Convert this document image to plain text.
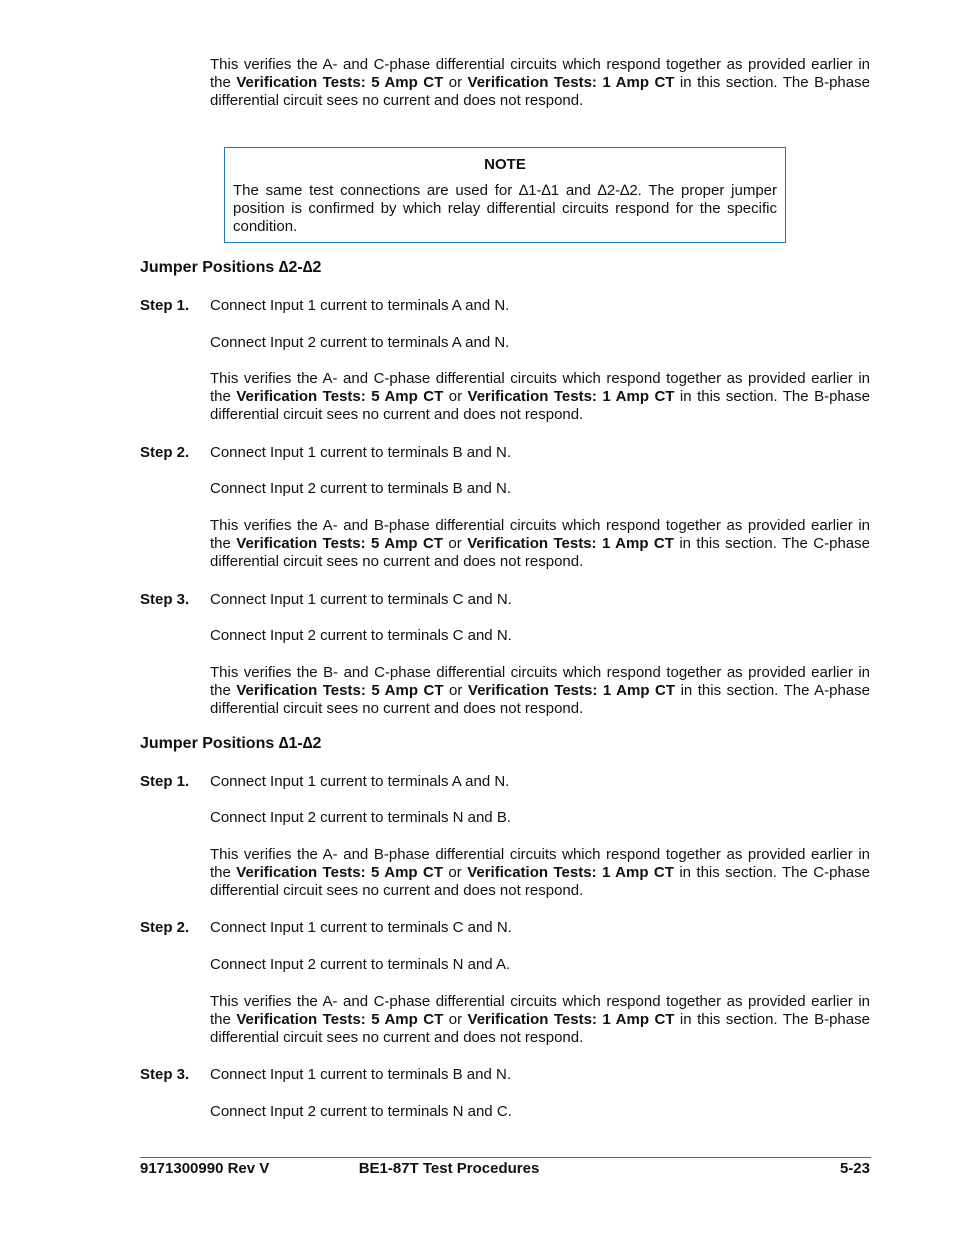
This verifies the A- and C-phase differential circuits which respond together as provided earlier in the Verification Tests: 5 Amp CT or Verification Tests: 1 Amp CT in this section. The B-phase differential circuit sees no current and does not respond.

NOTE
The same test connections are used for ∆1-∆1 and ∆2-∆2. The proper jumper position is confirmed by which relay differential circuits respond for the specific condition.
Jumper Positions ∆2-∆2
Step 1. Connect Input 1 current to terminals A and N.

Connect Input 2 current to terminals A and N.

This verifies the A- and C-phase differential circuits which respond together as provided earlier in the Verification Tests: 5 Amp CT or Verification Tests: 1 Amp CT in this section. The B-phase differential circuit sees no current and does not respond.

Step 2. Connect Input 1 current to terminals B and N.

Connect Input 2 current to terminals B and N.

This verifies the A- and B-phase differential circuits which respond together as provided earlier in the Verification Tests: 5 Amp CT or Verification Tests: 1 Amp CT in this section. The C-phase differential circuit sees no current and does not respond.

Step 3. Connect Input 1 current to terminals C and N.

Connect Input 2 current to terminals C and N.

This verifies the B- and C-phase differential circuits which respond together as provided earlier in the Verification Tests: 5 Amp CT or Verification Tests: 1 Amp CT in this section. The A-phase differential circuit sees no current and does not respond.

Jumper Positions ∆1-∆2
Step 1. Connect Input 1 current to terminals A and N.

Connect Input 2 current to terminals N and B.

This verifies the A- and B-phase differential circuits which respond together as provided earlier in the Verification Tests: 5 Amp CT or Verification Tests: 1 Amp CT in this section. The C-phase differential circuit sees no current and does not respond.

Step 2. Connect Input 1 current to terminals C and N.

Connect Input 2 current to terminals N and A.

This verifies the A- and C-phase differential circuits which respond together as provided earlier in the Verification Tests: 5 Amp CT or Verification Tests: 1 Amp CT in this section. The B-phase differential circuit sees no current and does not respond.

Step 3. Connect Input 1 current to terminals B and N.

Connect Input 2 current to terminals N and C.

9171300990 Rev V	BE1-87T Test Procedures	5-23
